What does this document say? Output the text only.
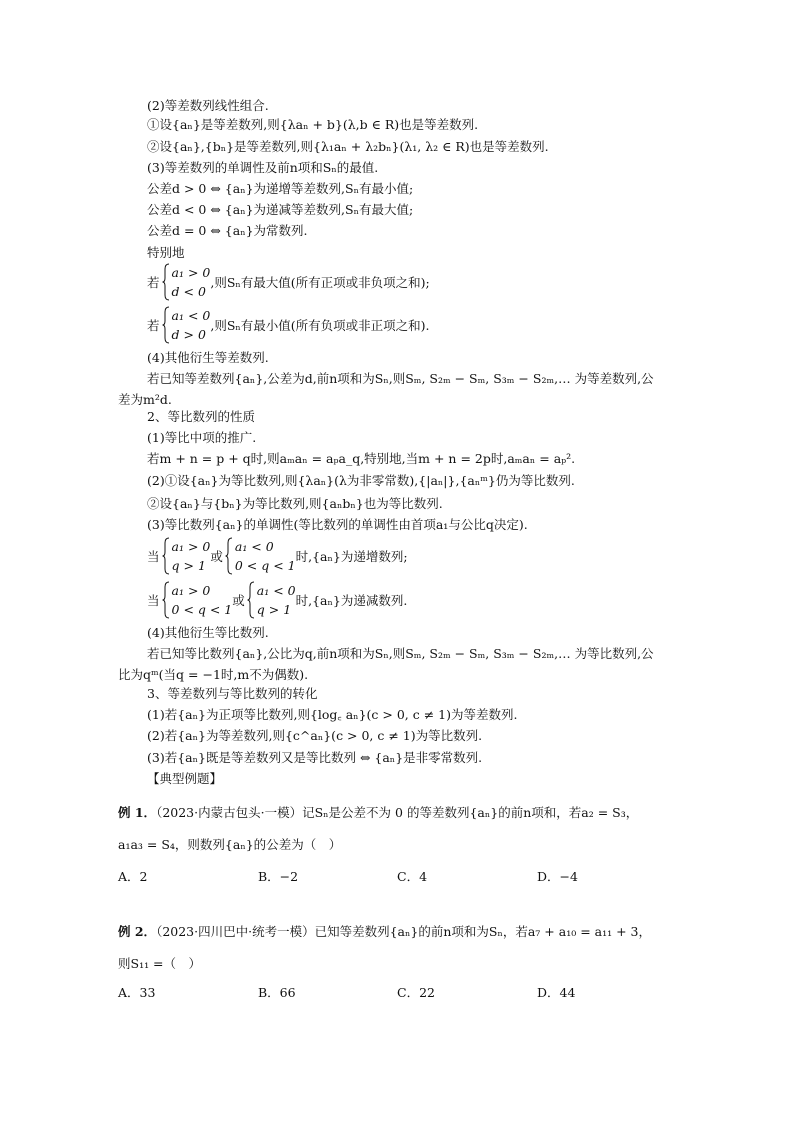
(2)等差数列线性组合.
①设{aₙ}是等差数列,则{λaₙ + b}(λ,b ∈ R)也是等差数列.
②设{aₙ},{bₙ}是等差数列,则{λ₁aₙ + λ₂bₙ}(λ₁, λ₂ ∈ R)也是等差数列.
(3)等差数列的单调性及前n项和Sₙ的最值.
公差d > 0 ⇔ {aₙ}为递增等差数列,Sₙ有最小值;
公差d < 0 ⇔ {aₙ}为递减等差数列,Sₙ有最大值;
公差d = 0 ⇔ {aₙ}为常数列.
特别地
若
a₁ > 0
d < 0
,则Sₙ有最大值(所有正项或非负项之和);
若
a₁ < 0
d > 0
,则Sₙ有最小值(所有负项或非正项之和).
(4)其他衍生等差数列.
若已知等差数列{aₙ},公差为d,前n项和为Sₙ,则Sₘ, S₂ₘ − Sₘ, S₃ₘ − S₂ₘ,… 为等差数列,公
差为m²d.
2、等比数列的性质
(1)等比中项的推广.
若m + n = p + q时,则aₘaₙ = aₚa_q,特别地,当m + n = 2p时,aₘaₙ = aₚ².
(2)①设{aₙ}为等比数列,则{λaₙ}(λ为非零常数),{|aₙ|},{aₙᵐ}仍为等比数列.
②设{aₙ}与{bₙ}为等比数列,则{aₙbₙ}也为等比数列.
(3)等比数列{aₙ}的单调性(等比数列的单调性由首项a₁与公比q决定).
当
a₁ > 0
q > 1
或
a₁ < 0
0 < q < 1
时,{aₙ}为递增数列;
当
a₁ > 0
0 < q < 1
或
a₁ < 0
q > 1
时,{aₙ}为递减数列.
(4)其他衍生等比数列.
若已知等比数列{aₙ},公比为q,前n项和为Sₙ,则Sₘ, S₂ₘ − Sₘ, S₃ₘ − S₂ₘ,… 为等比数列,公
比为qᵐ(当q = −1时,m不为偶数).
3、等差数列与等比数列的转化
(1)若{aₙ}为正项等比数列,则{log꜀ aₙ}(c > 0, c ≠ 1)为等差数列.
(2)若{aₙ}为等差数列,则{c^aₙ}(c > 0, c ≠ 1)为等比数列.
(3)若{aₙ}既是等差数列又是等比数列 ⇔ {aₙ}是非零常数列.
【典型例题】
例 1．（2023·内蒙古包头·一模）记Sₙ是公差不为 0 的等差数列{aₙ}的前n项和，若a₂ = S₃，
a₁a₃ = S₄，则数列{aₙ}的公差为（　）
A．2	B．−2	C．4	D．−4
例 2．（2023·四川巴中·统考一模）已知等差数列{aₙ}的前n项和为Sₙ，若a₇ + a₁₀ = a₁₁ + 3，
则S₁₁ =（　）
A．33	B．66	C．22	D．44
